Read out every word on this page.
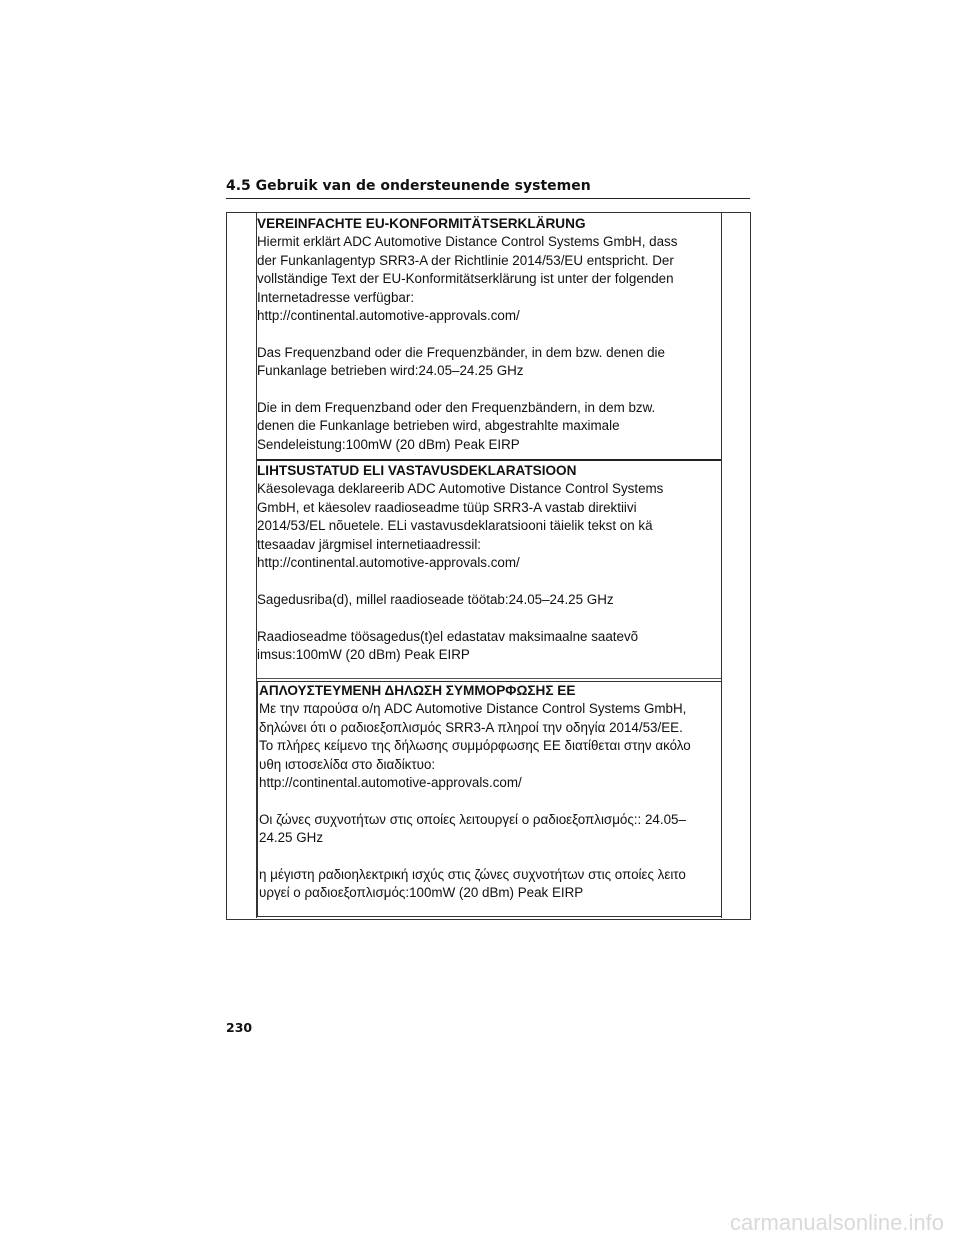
4.5 Gebruik van de ondersteunende systemen

VEREINFACHTE EU-KONFORMITÄTSERKLÄRUNG

Hiermit erklärt ADC Automotive Distance Control Systems GmbH, dass

der Funkanlagentyp SRR3-A der Richtlinie 2014/53/EU entspricht. Der

vollständige Text der EU-Konformitätserklärung ist unter der folgenden

Internetadresse verfügbar:

http://continental.automotive-approvals.com/

Das Frequenzband oder die Frequenzbänder, in dem bzw. denen die

Funkanlage betrieben wird:24.05–24.25 GHz

Die in dem Frequenzband oder den Frequenzbändern, in dem bzw.

denen die Funkanlage betrieben wird, abgestrahlte maximale

Sendeleistung:100mW (20 dBm) Peak EIRP

LIHTSUSTATUD ELI VASTAVUSDEKLARATSIOON

Käesolevaga deklareerib ADC Automotive Distance Control Systems

GmbH, et käesolev raadioseadme tüüp SRR3-A vastab direktiivi

2014/53/EL nõuetele. ELi vastavusdeklaratsiooni täielik tekst on kä

ttesaadav järgmisel internetiaadressil:

http://continental.automotive-approvals.com/

Sagedusriba(d), millel raadioseade töötab:24.05–24.25 GHz

Raadioseadme töösagedus(t)el edastatav maksimaalne saatevõ

imsus:100mW (20 dBm) Peak EIRP

ΑΠΛΟΥΣΤΕΥΜΕΝΗ ΔΗΛΩΣΗ ΣΥΜΜΟΡΦΩΣΗΣ ΕΕ

Με την παρούσα ο/η ADC Automotive Distance Control Systems GmbH,

δηλώνει ότι ο ραδιοεξοπλισμός SRR3-A πληροί την οδηγία 2014/53/ΕΕ.

Το πλήρες κείμενο της δήλωσης συμμόρφωσης ΕΕ διατίθεται στην ακόλο

υθη ιστοσελίδα στο διαδίκτυο:

http://continental.automotive-approvals.com/

Οι ζώνες συχνοτήτων στις οποίες λειτουργεί ο ραδιοεξοπλισμός:: 24.05–

24.25 GHz

η μέγιστη ραδιοηλεκτρική ισχύς στις ζώνες συχνοτήτων στις οποίες λειτο

υργεί ο ραδιοεξοπλισμός:100mW (20 dBm) Peak EIRP

230
carmanualsonline.info
